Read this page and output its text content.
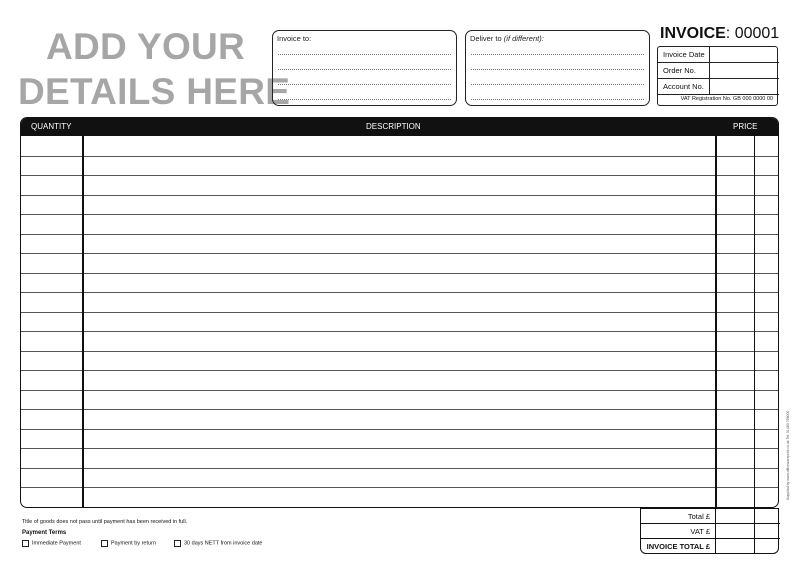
ADD YOUR
DETAILS HERE
Invoice to:	Deliver to (if different):	INVOICE: 00001
Invoice Date
Order No.
Account No.
VAT Registration No. GB 000 0000 00
QUANTITY	DESCRIPTION	PRICE
Title of goods does not pass until payment has been received in full.
Payment Terms
Immediate Payment	Payment by return	30 days NETT from invoice date
Total £
VAT £
INVOICE TOTAL £
Supplied by www.officewareprint.co.uk Tel: 01483 768000
